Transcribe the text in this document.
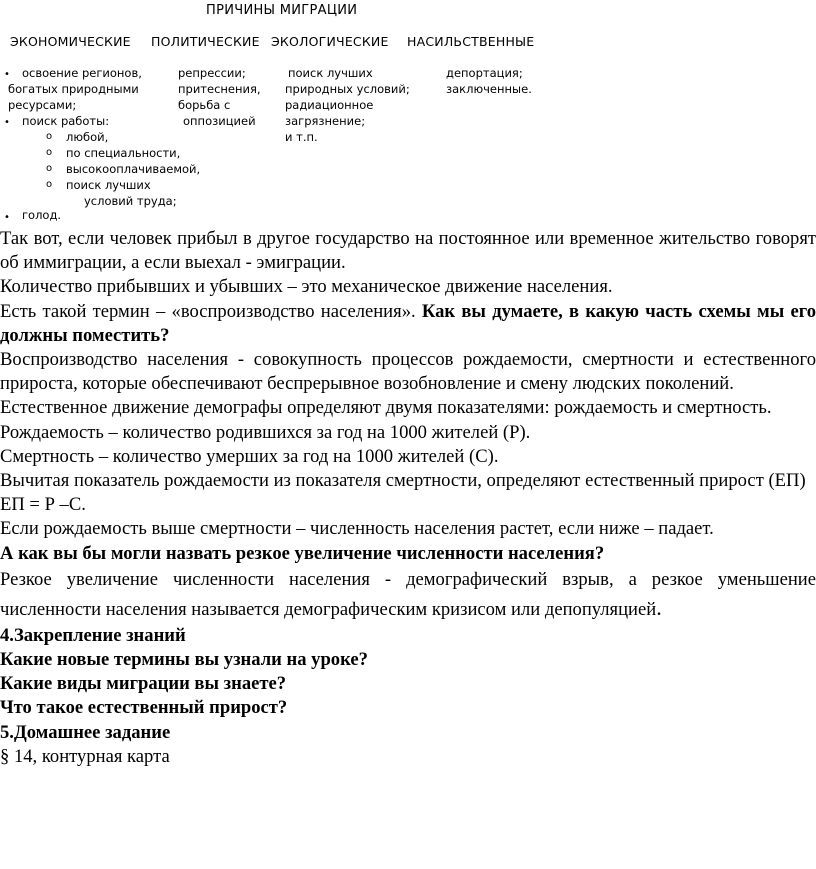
ПРИЧИНЫ МИГРАЦИИ
ЭКОНОМИЧЕСКИЕ ПОЛИТИЧЕСКИЕ ЭКОЛОГИЧЕСКИЕ НАСИЛЬСТВЕННЫЕ
• освоение регионов,
богатых природными
ресурсами;
• поиск работы:
o любой,
o по специальности,
o высокооплачиваемой,
o поиск лучших
условий труда;
• голод.
репрессии;
притеснения,
борьба с
оппозицией
поиск лучших
природных условий;
радиационное
загрязнение;
и т.п.
депортация;
заключенные.

Так вот, если человек прибыл в другое государство на постоянное или временное жительство говорят об иммиграции, а если выехал - эмиграции.

Количество прибывших и убывших – это механическое движение населения.

Есть такой термин – «воспроизводство населения». Как вы думаете, в какую часть схемы мы его должны поместить?

Воспроизводство населения - совокупность процессов рождаемости, смертности и естественного прироста, которые обеспечивают беспрерывное возобновление и смену людских поколений.

Естественное движение демографы определяют двумя показателями: рождаемость и смертность.

Рождаемость – количество родившихся за год на 1000 жителей (Р).

Смертность – количество умерших за год на 1000 жителей (С).

Вычитая показатель рождаемости из показателя смертности, определяют естественный прирост (ЕП)

ЕП = Р –С.

Если рождаемость выше смертности – численность населения растет, если ниже – падает.

А как вы бы могли назвать резкое увеличение численности населения?

Резкое увеличение численности населения - демографический взрыв, а резкое уменьшение

численности населения называется демографическим кризисом или депопуляцией.

4.Закрепление знаний

Какие новые термины вы узнали на уроке?

Какие виды миграции вы знаете?

Что такое естественный прирост?

5.Домашнее задание

§ 14, контурная карта
